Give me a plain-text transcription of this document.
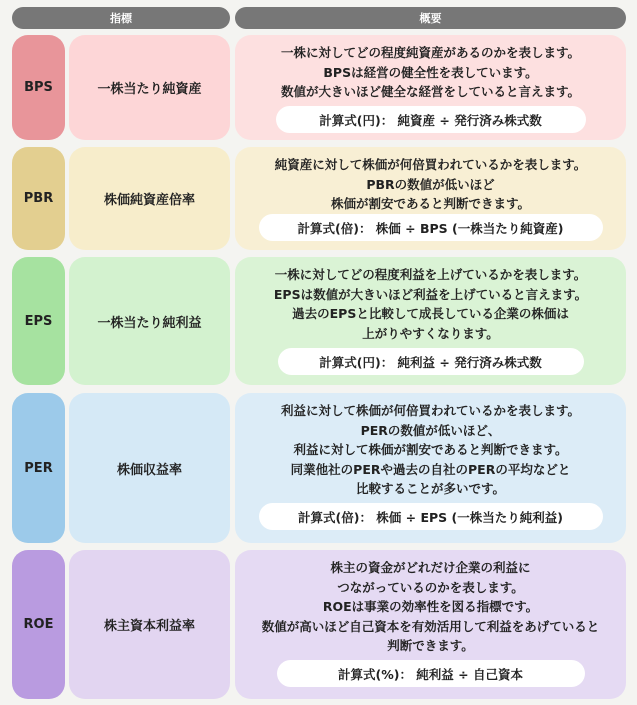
指標	概要
BPS	一株当たり純資産
一株に対してどの程度純資産があるのかを表します。
BPSは経営の健全性を表しています。
数値が大きいほど健全な経営をしていると言えます。
計算式(円)： 純資産 ÷ 発行済み株式数
PBR	株価純資産倍率
純資産に対して株価が何倍買われているかを表します。
PBRの数値が低いほど
株価が割安であると判断できます。
計算式(倍)： 株価 ÷ BPS (一株当たり純資産)
EPS	一株当たり純利益
一株に対してどの程度利益を上げているかを表します。
EPSは数値が大きいほど利益を上げていると言えます。
過去のEPSと比較して成長している企業の株価は
上がりやすくなります。
計算式(円)： 純利益 ÷ 発行済み株式数
PER	株価収益率
利益に対して株価が何倍買われているかを表します。
PERの数値が低いほど、
利益に対して株価が割安であると判断できます。
同業他社のPERや過去の自社のPERの平均などと
比較することが多いです。
計算式(倍)： 株価 ÷ EPS (一株当たり純利益)
ROE	株主資本利益率
株主の資金がどれだけ企業の利益に
つながっているのかを表します。
ROEは事業の効率性を図る指標です。
数値が高いほど自己資本を有効活用して利益をあげていると
判断できます。
計算式(%)： 純利益 ÷ 自己資本
